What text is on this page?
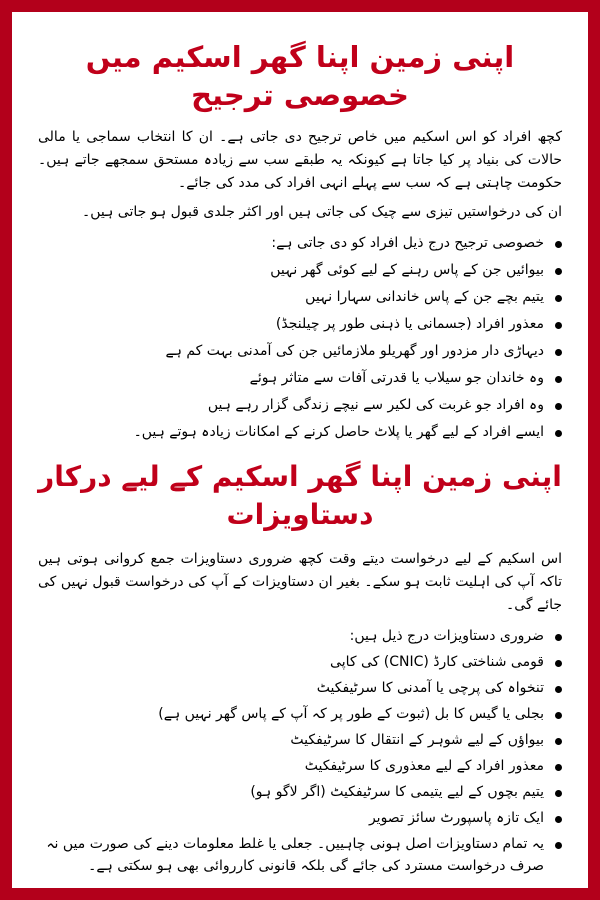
اپنی زمین اپنا گھر اسکیم میں خصوصی ترجیح

کچھ افراد کو اس اسکیم میں خاص ترجیح دی جاتی ہے۔ ان کا انتخاب سماجی یا مالی حالات کی بنیاد پر کیا جاتا ہے کیونکہ یہ طبقے سب سے زیادہ مستحق سمجھے جاتے ہیں۔ حکومت چاہتی ہے کہ سب سے پہلے انہی افراد کی مدد کی جائے۔

ان کی درخواستیں تیزی سے چیک کی جاتی ہیں اور اکثر جلدی قبول ہو جاتی ہیں۔

خصوصی ترجیح درج ذیل افراد کو دی جاتی ہے:
بیوائیں جن کے پاس رہنے کے لیے کوئی گھر نہیں
یتیم بچے جن کے پاس خاندانی سہارا نہیں
معذور افراد (جسمانی یا ذہنی طور پر چیلنجڈ)
دیہاڑی دار مزدور اور گھریلو ملازمائیں جن کی آمدنی بہت کم ہے
وہ خاندان جو سیلاب یا قدرتی آفات سے متاثر ہوئے
وہ افراد جو غربت کی لکیر سے نیچے زندگی گزار رہے ہیں
ایسے افراد کے لیے گھر یا پلاٹ حاصل کرنے کے امکانات زیادہ ہوتے ہیں۔
اپنی زمین اپنا گھر اسکیم کے لیے درکار دستاویزات

اس اسکیم کے لیے درخواست دیتے وقت کچھ ضروری دستاویزات جمع کروانی ہوتی ہیں تاکہ آپ کی اہلیت ثابت ہو سکے۔ بغیر ان دستاویزات کے آپ کی درخواست قبول نہیں کی جائے گی۔

ضروری دستاویزات درج ذیل ہیں:
قومی شناختی کارڈ (CNIC) کی کاپی
تنخواہ کی پرچی یا آمدنی کا سرٹیفکیٹ
بجلی یا گیس کا بل (ثبوت کے طور پر کہ آپ کے پاس گھر نہیں ہے)
بیواؤں کے لیے شوہر کے انتقال کا سرٹیفکیٹ
معذور افراد کے لیے معذوری کا سرٹیفکیٹ
یتیم بچوں کے لیے یتیمی کا سرٹیفکیٹ (اگر لاگو ہو)
ایک تازہ پاسپورٹ سائز تصویر
یہ تمام دستاویزات اصل ہونی چاہییں۔ جعلی یا غلط معلومات دینے کی صورت میں نہ صرف درخواست مسترد کی جائے گی بلکہ قانونی کارروائی بھی ہو سکتی ہے۔
